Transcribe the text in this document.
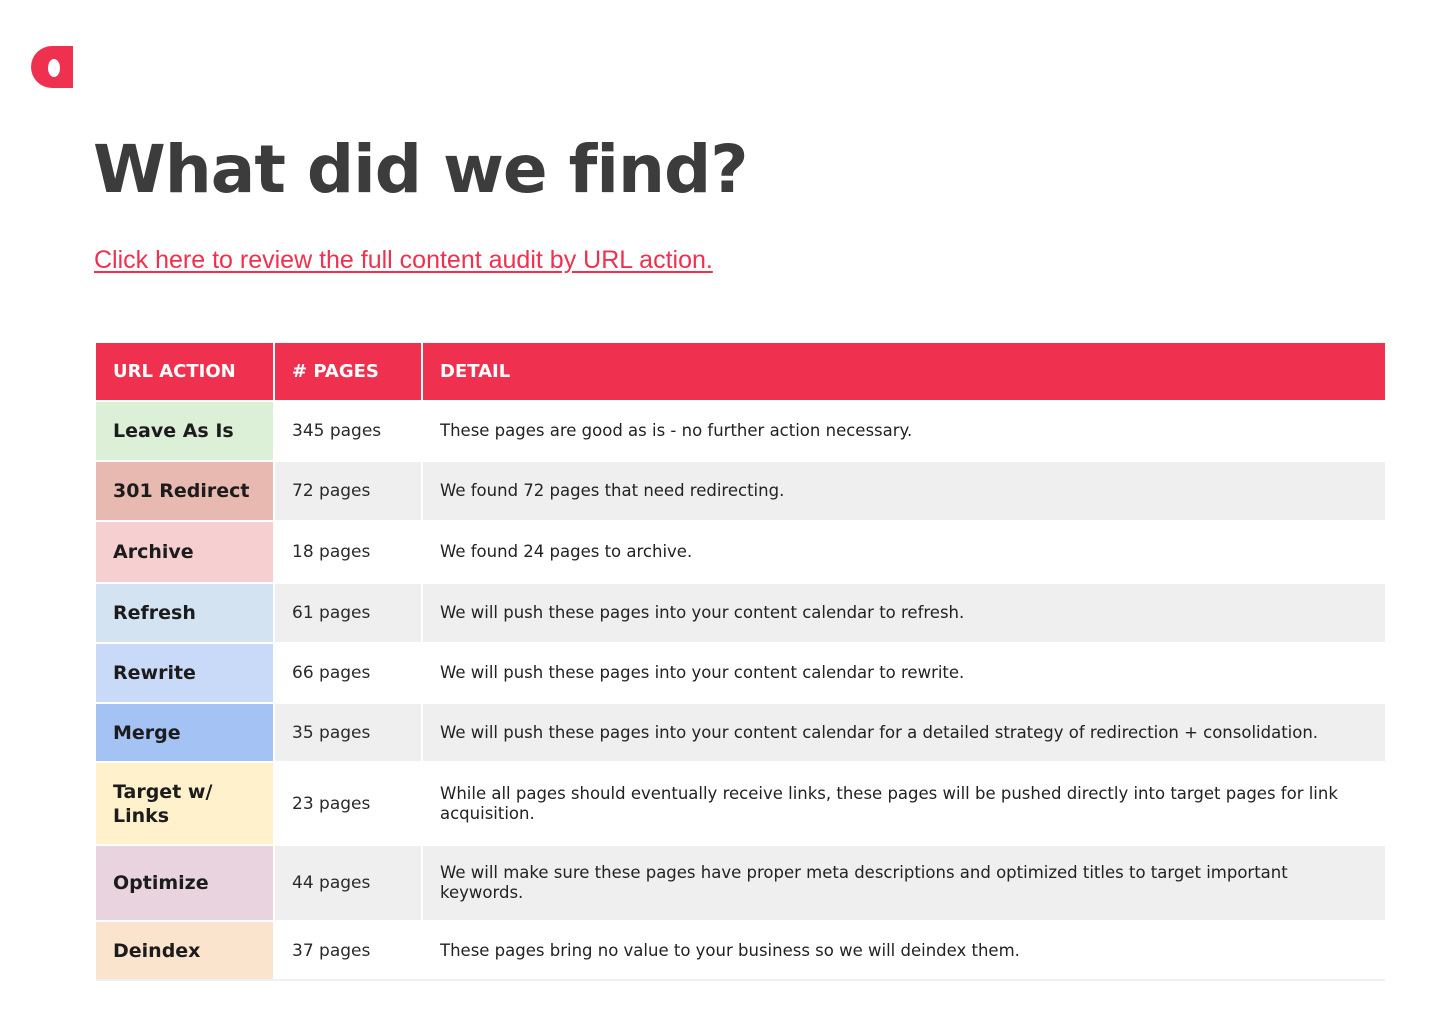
What did we find?
Click here to review the full content audit by URL action.
URL ACTION	# PAGES	DETAIL
Leave As Is	345 pages	These pages are good as is - no further action necessary.
301 Redirect	72 pages	We found 72 pages that need redirecting.
Archive	18 pages	We found 24 pages to archive.
Refresh	61 pages	We will push these pages into your content calendar to refresh.
Rewrite	66 pages	We will push these pages into your content calendar to rewrite.
Merge	35 pages	We will push these pages into your content calendar for a detailed strategy of redirection + consolidation.
Target w/ Links	23 pages	While all pages should eventually receive links, these pages will be pushed directly into target pages for link acquisition.
Optimize	44 pages	We will make sure these pages have proper meta descriptions and optimized titles to target important keywords.
Deindex	37 pages	These pages bring no value to your business so we will deindex them.
